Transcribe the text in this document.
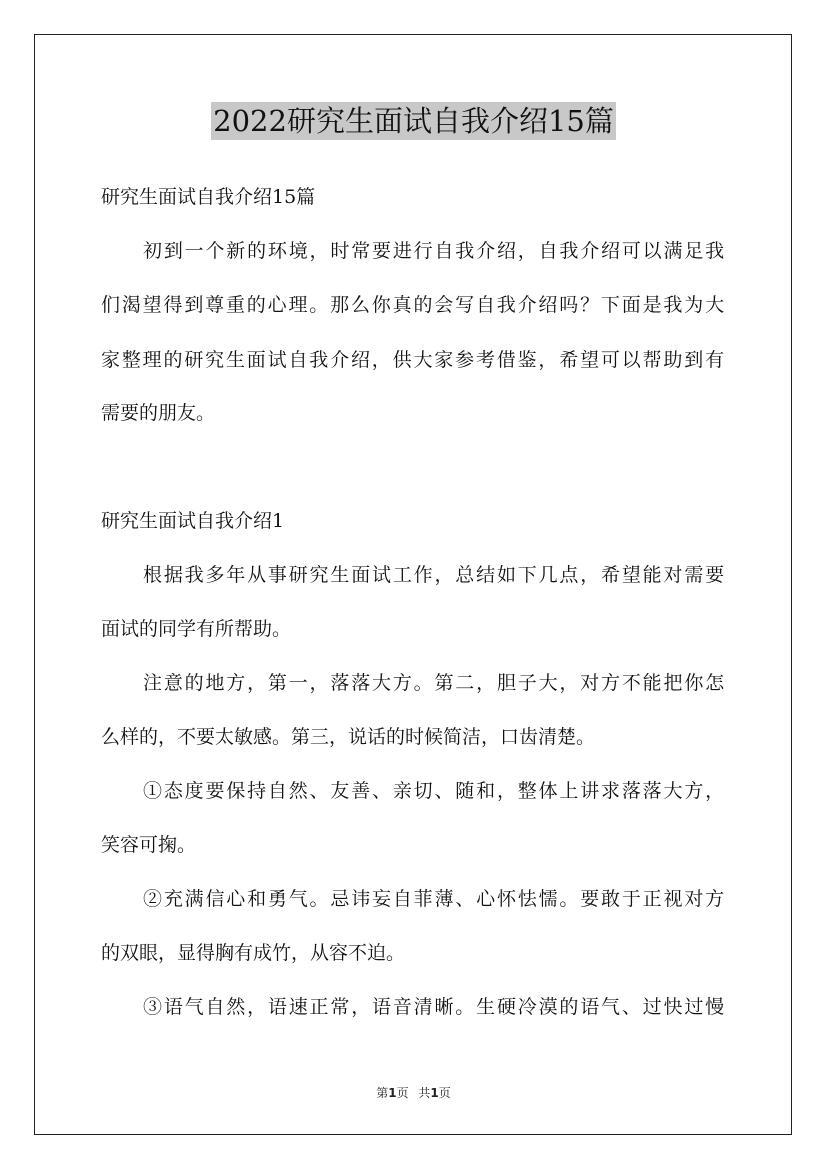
2022研究生面试自我介绍15篇
研究生面试自我介绍15篇
初到一个新的环境，时常要进行自我介绍，自我介绍可以满足我
们渴望得到尊重的心理。那么你真的会写自我介绍吗？下面是我为大
家整理的研究生面试自我介绍，供大家参考借鉴，希望可以帮助到有
需要的朋友。
研究生面试自我介绍1
根据我多年从事研究生面试工作，总结如下几点，希望能对需要
面试的同学有所帮助。
注意的地方，第一，落落大方。第二，胆子大，对方不能把你怎
么样的，不要太敏感。第三，说话的时候简洁，口齿清楚。
①态度要保持自然、友善、亲切、随和，整体上讲求落落大方，
笑容可掬。
②充满信心和勇气。忌讳妄自菲薄、心怀怯懦。要敢于正视对方
的双眼，显得胸有成竹，从容不迫。
③语气自然，语速正常，语音清晰。生硬冷漠的语气、过快过慢
第1页 共1页
